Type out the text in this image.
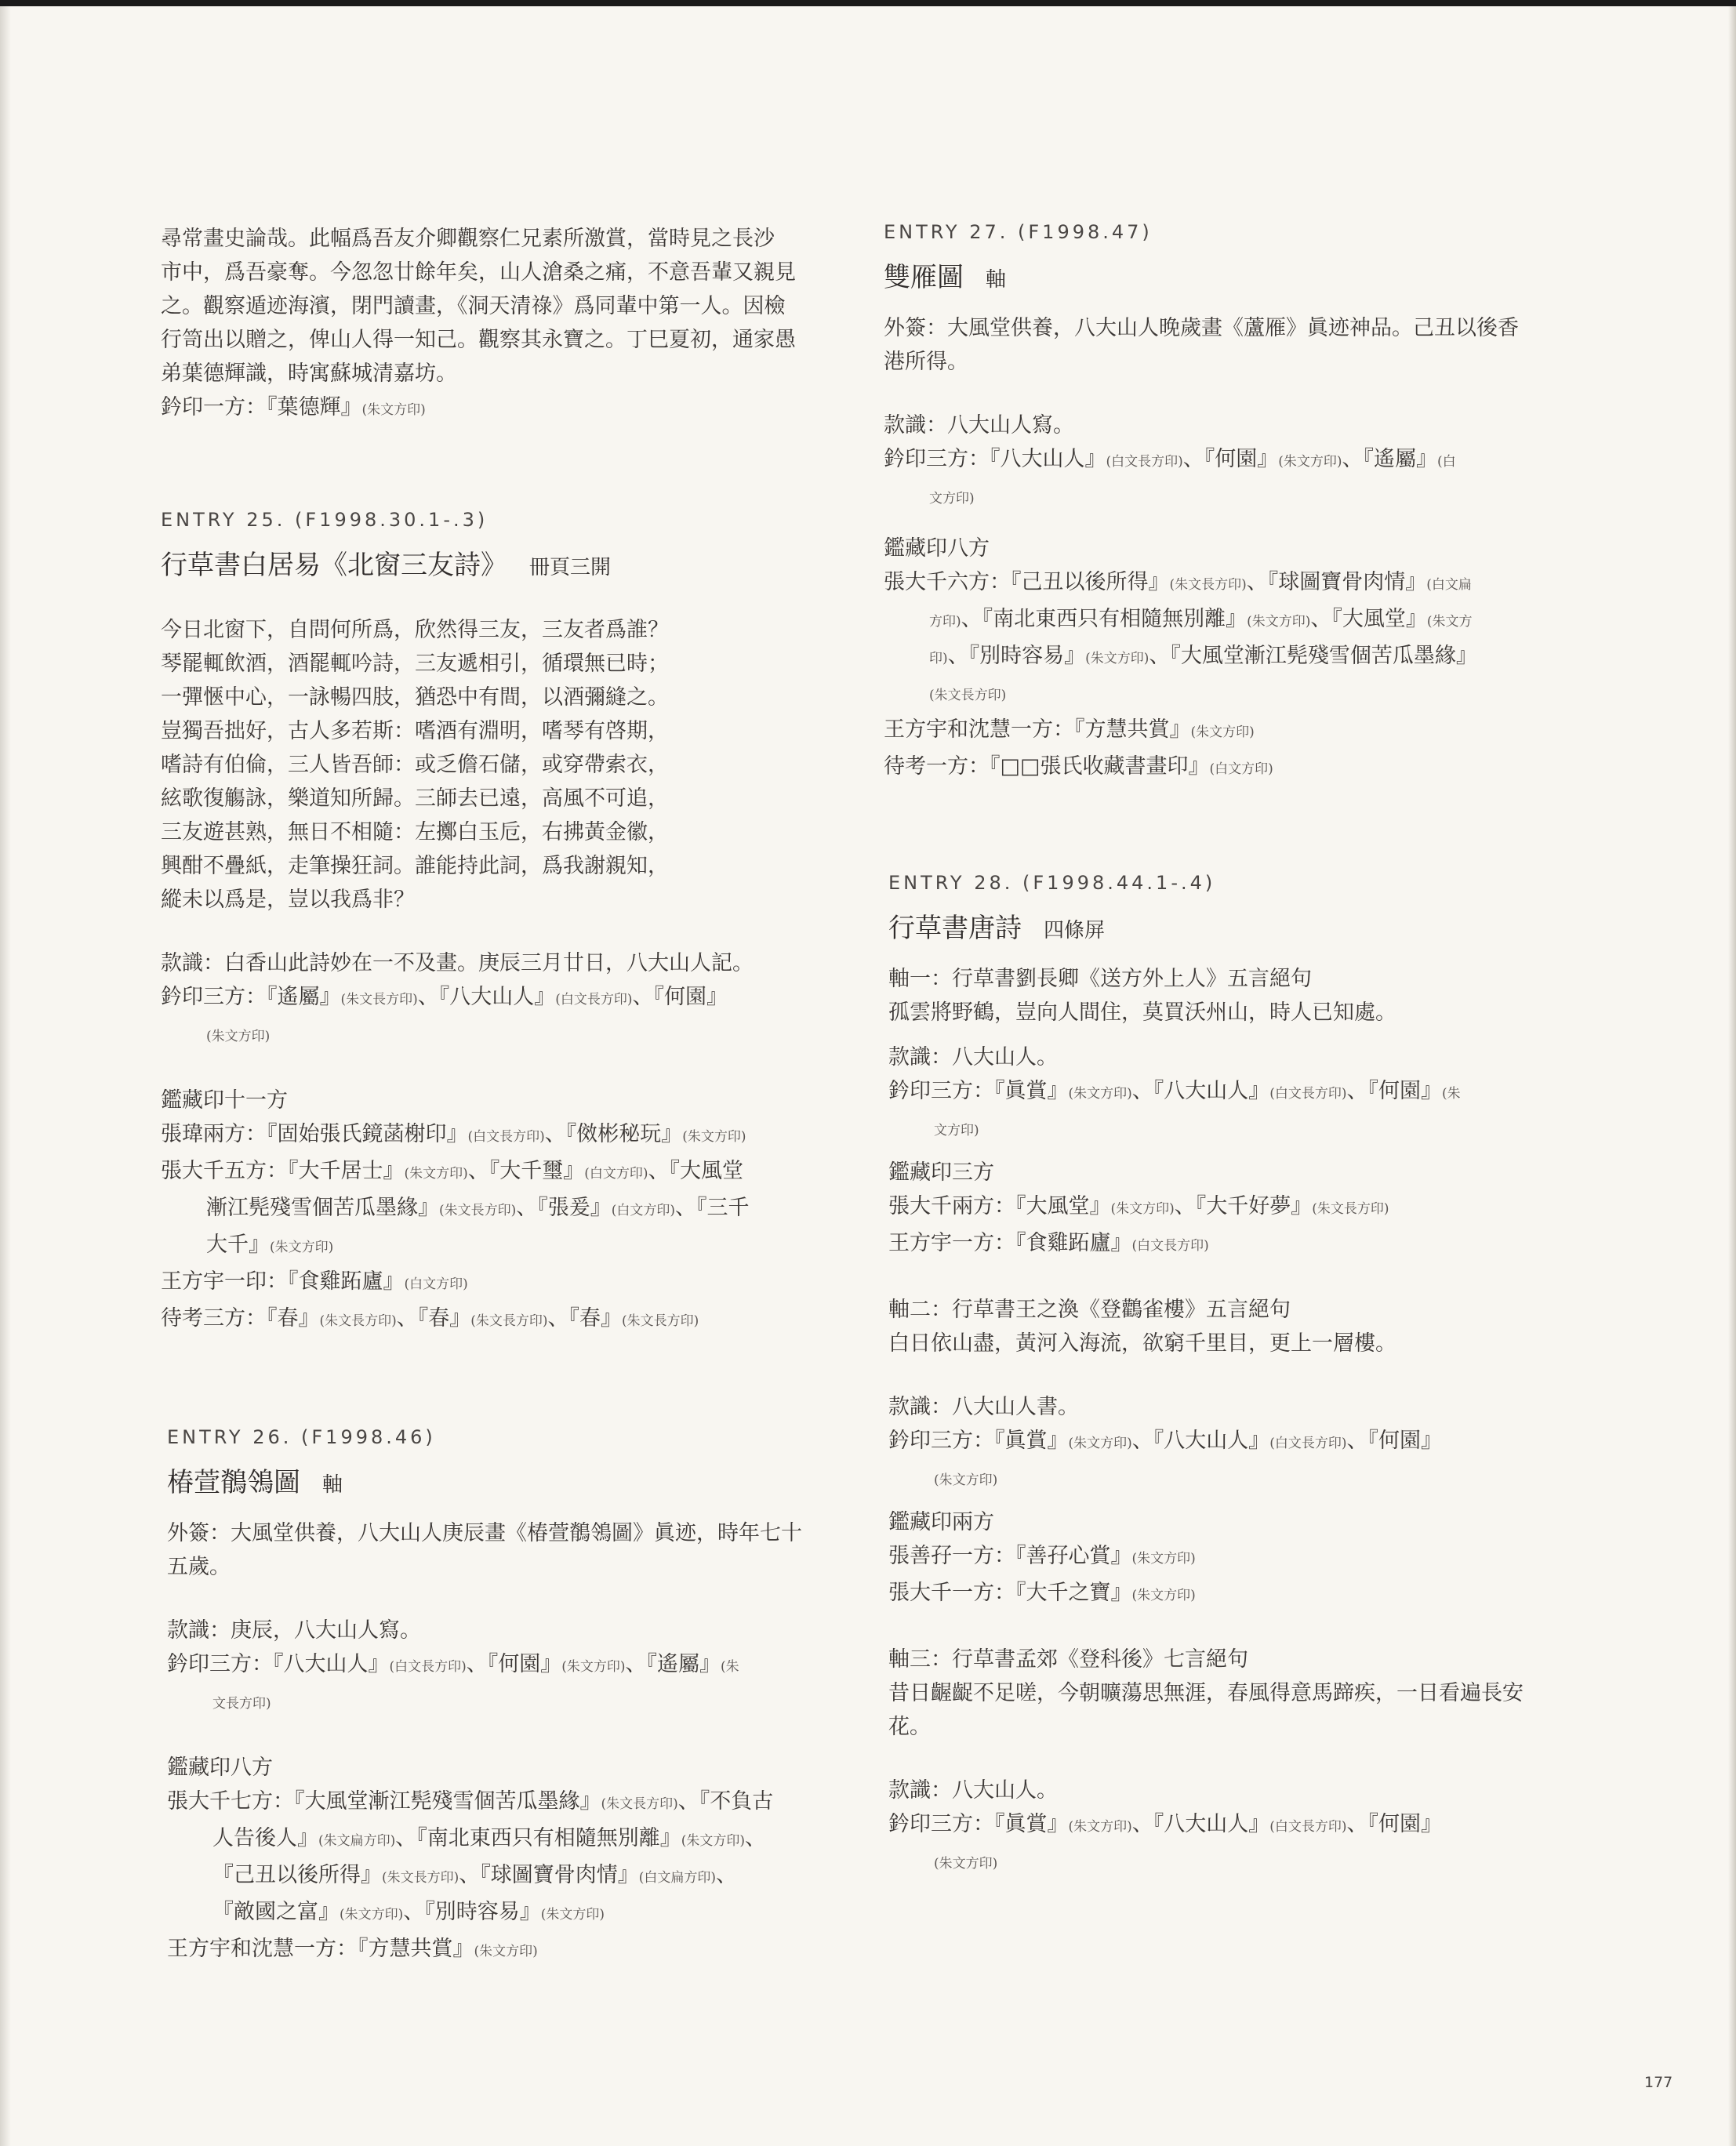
尋常畫史論哉。此幅爲吾友介卿觀察仁兄素所激賞，當時見之長沙

市中，爲吾豪奪。今忽忽廿餘年矣，山人滄桑之痛，不意吾輩又親見

之。觀察遁迹海濱，閉門讀畫，《洞天清祿》爲同輩中第一人。因檢

行笥出以贈之，俾山人得一知己。觀察其永寶之。丁巳夏初，通家愚

弟葉德輝識，時寓蘇城清嘉坊。

鈐印一方：『葉德輝』(朱文方印)

ENTRY 25. (F1998.30.1-.3)

行草書白居易《北窗三友詩》 冊頁三開

今日北窗下，自問何所爲，欣然得三友，三友者爲誰？

琴罷輒飲酒，酒罷輒吟詩，三友遞相引，循環無已時；

一彈愜中心，一詠暢四肢，猶恐中有間，以酒彌縫之。

豈獨吾拙好，古人多若斯：嗜酒有淵明，嗜琴有啓期，

嗜詩有伯倫，三人皆吾師：或乏儋石儲，或穿帶索衣，

絃歌復觴詠，樂道知所歸。三師去已遠，高風不可追，

三友遊甚熟，無日不相隨：左擲白玉卮，右拂黃金徽，

興酣不疊紙，走筆操狂詞。誰能持此詞，爲我謝親知，

縱未以爲是，豈以我爲非？

款識：白香山此詩妙在一不及畫。庚辰三月廿日，八大山人記。

鈐印三方：『遙屬』(朱文長方印)、『八大山人』(白文長方印)、『何園』

(朱文方印)

鑑藏印十一方

張瑋兩方：『固始張氏鏡菡榭印』(白文長方印)、『傚彬秘玩』(朱文方印)

張大千五方：『大千居士』(朱文方印)、『大千璽』(白文方印)、『大風堂

漸江髡殘雪個苦瓜墨緣』(朱文長方印)、『張爰』(白文方印)、『三千

大千』(朱文方印)

王方宇一印：『食雞跖廬』(白文方印)

待考三方：『春』(朱文長方印)、『春』(朱文長方印)、『春』(朱文長方印)

ENTRY 26. (F1998.46)

椿萱鶺鴒圖 軸

外簽：大風堂供養，八大山人庚辰畫《椿萱鶺鴒圖》眞迹，時年七十

五歲。

款識：庚辰，八大山人寫。

鈐印三方：『八大山人』(白文長方印)、『何園』(朱文方印)、『遙屬』(朱

文長方印)

鑑藏印八方

張大千七方：『大風堂漸江髡殘雪個苦瓜墨緣』(朱文長方印)、『不負古

人告後人』(朱文扁方印)、『南北東西只有相隨無別離』(朱文方印)、

『己丑以後所得』(朱文長方印)、『球圖寶骨肉情』(白文扁方印)、

『敵國之富』(朱文方印)、『別時容易』(朱文方印)

王方宇和沈慧一方：『方慧共賞』(朱文方印)

ENTRY 27. (F1998.47)

雙雁圖 軸

外簽：大風堂供養，八大山人晚歲畫《蘆雁》眞迹神品。己丑以後香

港所得。

款識：八大山人寫。

鈐印三方：『八大山人』(白文長方印)、『何園』(朱文方印)、『遙屬』(白

文方印)

鑑藏印八方

張大千六方：『己丑以後所得』(朱文長方印)、『球圖寶骨肉情』(白文扁

方印)、『南北東西只有相隨無別離』(朱文方印)、『大風堂』(朱文方

印)、『別時容易』(朱文方印)、『大風堂漸江髡殘雪個苦瓜墨緣』

(朱文長方印)

王方宇和沈慧一方：『方慧共賞』(朱文方印)

待考一方：『□□張氏收藏書畫印』(白文方印)

ENTRY 28. (F1998.44.1-.4)

行草書唐詩 四條屏

軸一：行草書劉長卿《送方外上人》五言絕句

孤雲將野鶴，豈向人間住，莫買沃州山，時人已知處。

款識：八大山人。

鈐印三方：『眞賞』(朱文方印)、『八大山人』(白文長方印)、『何園』(朱

文方印)

鑑藏印三方

張大千兩方：『大風堂』(朱文方印)、『大千好夢』(朱文長方印)

王方宇一方：『食雞跖廬』(白文長方印)

軸二：行草書王之渙《登鸛雀樓》五言絕句

白日依山盡，黃河入海流，欲窮千里目，更上一層樓。

款識：八大山人書。

鈐印三方：『眞賞』(朱文方印)、『八大山人』(白文長方印)、『何園』

(朱文方印)

鑑藏印兩方

張善孖一方：『善孖心賞』(朱文方印)

張大千一方：『大千之寶』(朱文方印)

軸三：行草書孟郊《登科後》七言絕句

昔日齷齪不足嗟，今朝曠蕩思無涯，春風得意馬蹄疾，一日看遍長安

花。

款識：八大山人。

鈐印三方：『眞賞』(朱文方印)、『八大山人』(白文長方印)、『何園』

(朱文方印)

177
